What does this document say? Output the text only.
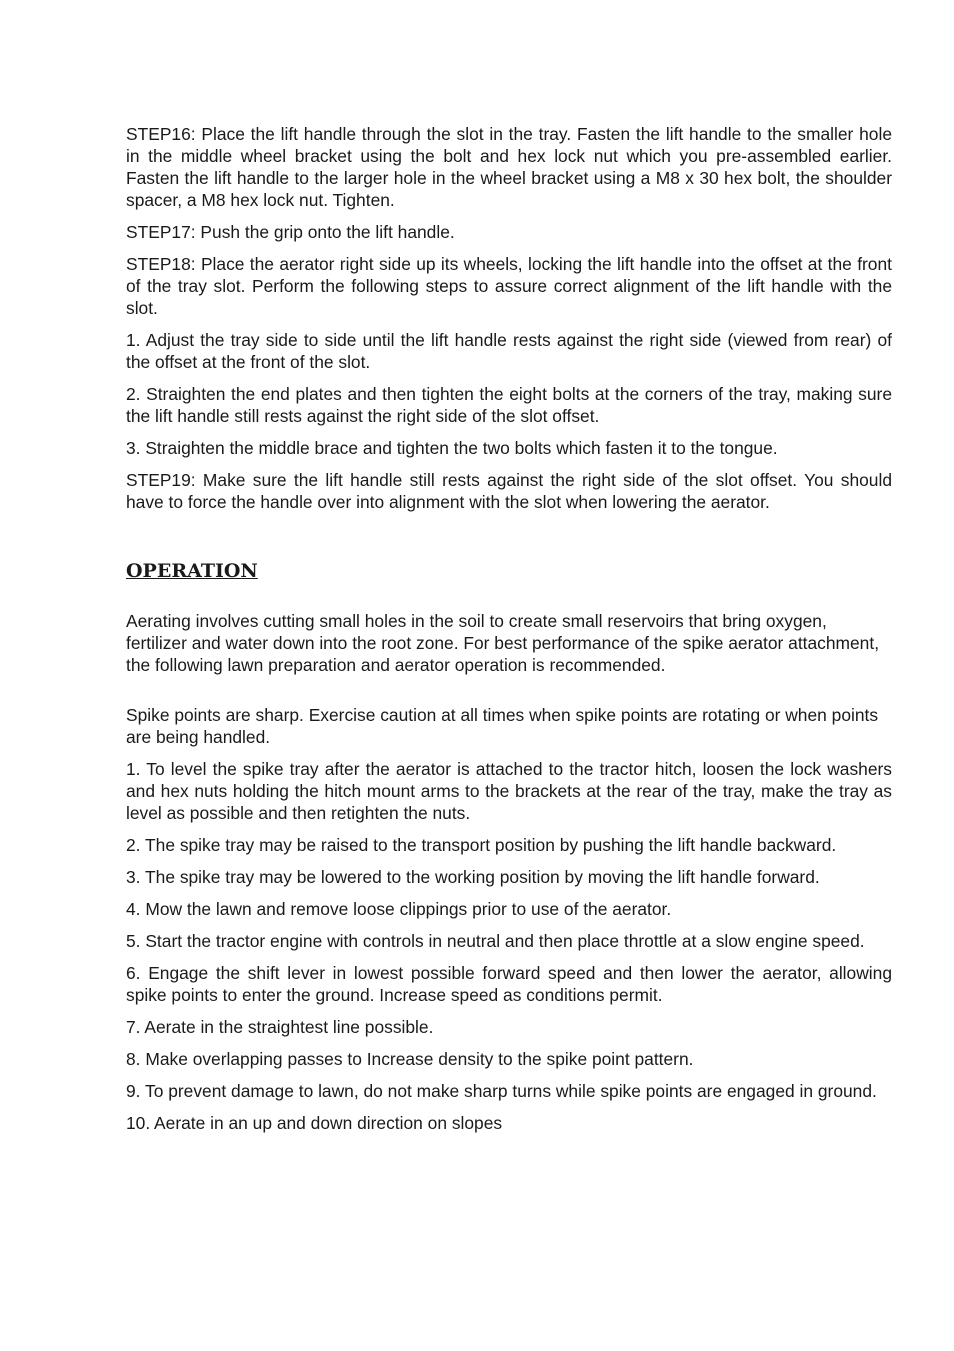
STEP16: Place the lift handle through the slot in the tray. Fasten the lift handle to the smaller hole in the middle wheel bracket using the bolt and hex lock nut which you pre-assembled earlier. Fasten the lift handle to the larger hole in the wheel bracket using a M8 x 30 hex bolt, the shoulder spacer, a M8 hex lock nut. Tighten.

STEP17: Push the grip onto the lift handle.

STEP18: Place the aerator right side up its wheels, locking the lift handle into the offset at the front of the tray slot. Perform the following steps to assure correct alignment of the lift handle with the slot.

1. Adjust the tray side to side until the lift handle rests against the right side (viewed from rear) of the offset at the front of the slot.

2. Straighten the end plates and then tighten the eight bolts at the corners of the tray, making sure the lift handle still rests against the right side of the slot offset.

3. Straighten the middle brace and tighten the two bolts which fasten it to the tongue.

STEP19: Make sure the lift handle still rests against the right side of the slot offset. You should have to force the handle over into alignment with the slot when lowering the aerator.

OPERATION

Aerating involves cutting small holes in the soil to create small reservoirs that bring oxygen, fertilizer and water down into the root zone. For best performance of the spike aerator attachment, the following lawn preparation and aerator operation is recommended.

Spike points are sharp. Exercise caution at all times when spike points are rotating or when points are being handled.

1. To level the spike tray after the aerator is attached to the tractor hitch, loosen the lock washers and hex nuts holding the hitch mount arms to the brackets at the rear of the tray, make the tray as level as possible and then retighten the nuts.

2. The spike tray may be raised to the transport position by pushing the lift handle backward.

3. The spike tray may be lowered to the working position by moving the lift handle forward.

4. Mow the lawn and remove loose clippings prior to use of the aerator.

5. Start the tractor engine with controls in neutral and then place throttle at a slow engine speed.

6. Engage the shift lever in lowest possible forward speed and then lower the aerator, allowing spike points to enter the ground. Increase speed as conditions permit.

7. Aerate in the straightest line possible.

8. Make overlapping passes to Increase density to the spike point pattern.

9. To prevent damage to lawn, do not make sharp turns while spike points are engaged in ground.

10. Aerate in an up and down direction on slopes
